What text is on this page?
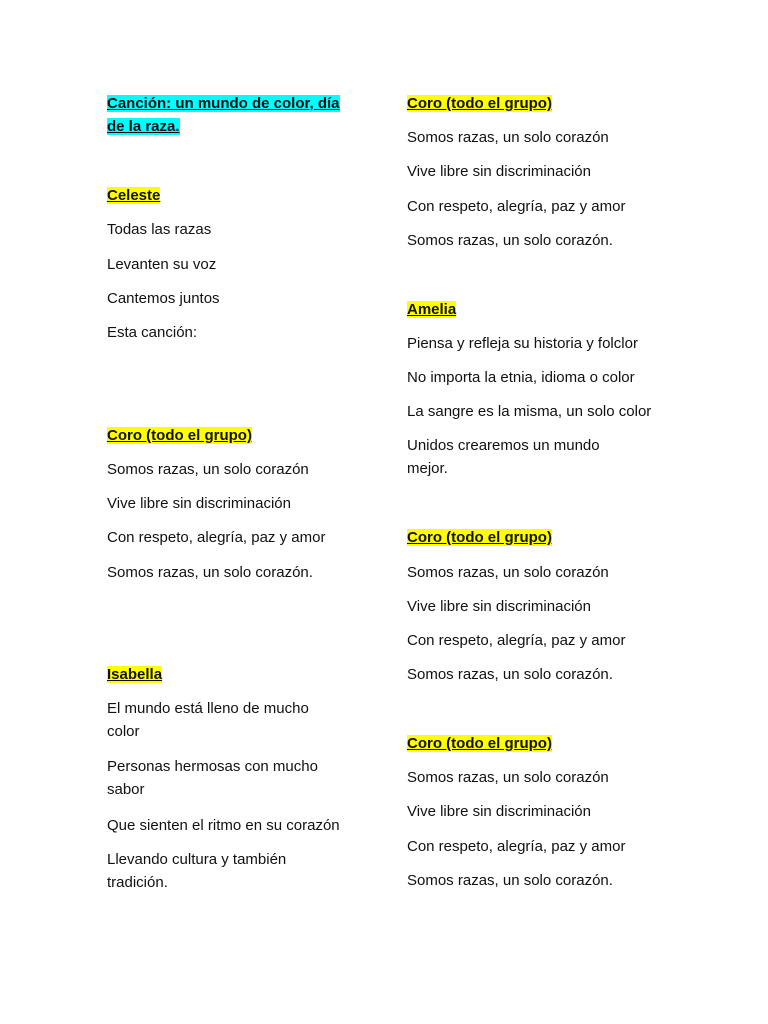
Canción: un mundo de color, día
de la raza.
Celeste
Todas las razas
Levanten su voz
Cantemos juntos
Esta canción:
Coro (todo el grupo)
Somos razas, un solo corazón
Vive libre sin discriminación
Con respeto, alegría, paz y amor
Somos razas, un solo corazón.
Isabella
El mundo está lleno de mucho
color
Personas hermosas con mucho
sabor
Que sienten el ritmo en su corazón
Llevando cultura y también
tradición.
Coro (todo el grupo)
Somos razas, un solo corazón
Vive libre sin discriminación
Con respeto, alegría, paz y amor
Somos razas, un solo corazón.
Amelia
Piensa y refleja su historia y folclor
No importa la etnia, idioma o color
La sangre es la misma, un solo color
Unidos crearemos un mundo
mejor.
Coro (todo el grupo)
Somos razas, un solo corazón
Vive libre sin discriminación
Con respeto, alegría, paz y amor
Somos razas, un solo corazón.
Coro (todo el grupo)
Somos razas, un solo corazón
Vive libre sin discriminación
Con respeto, alegría, paz y amor
Somos razas, un solo corazón.
